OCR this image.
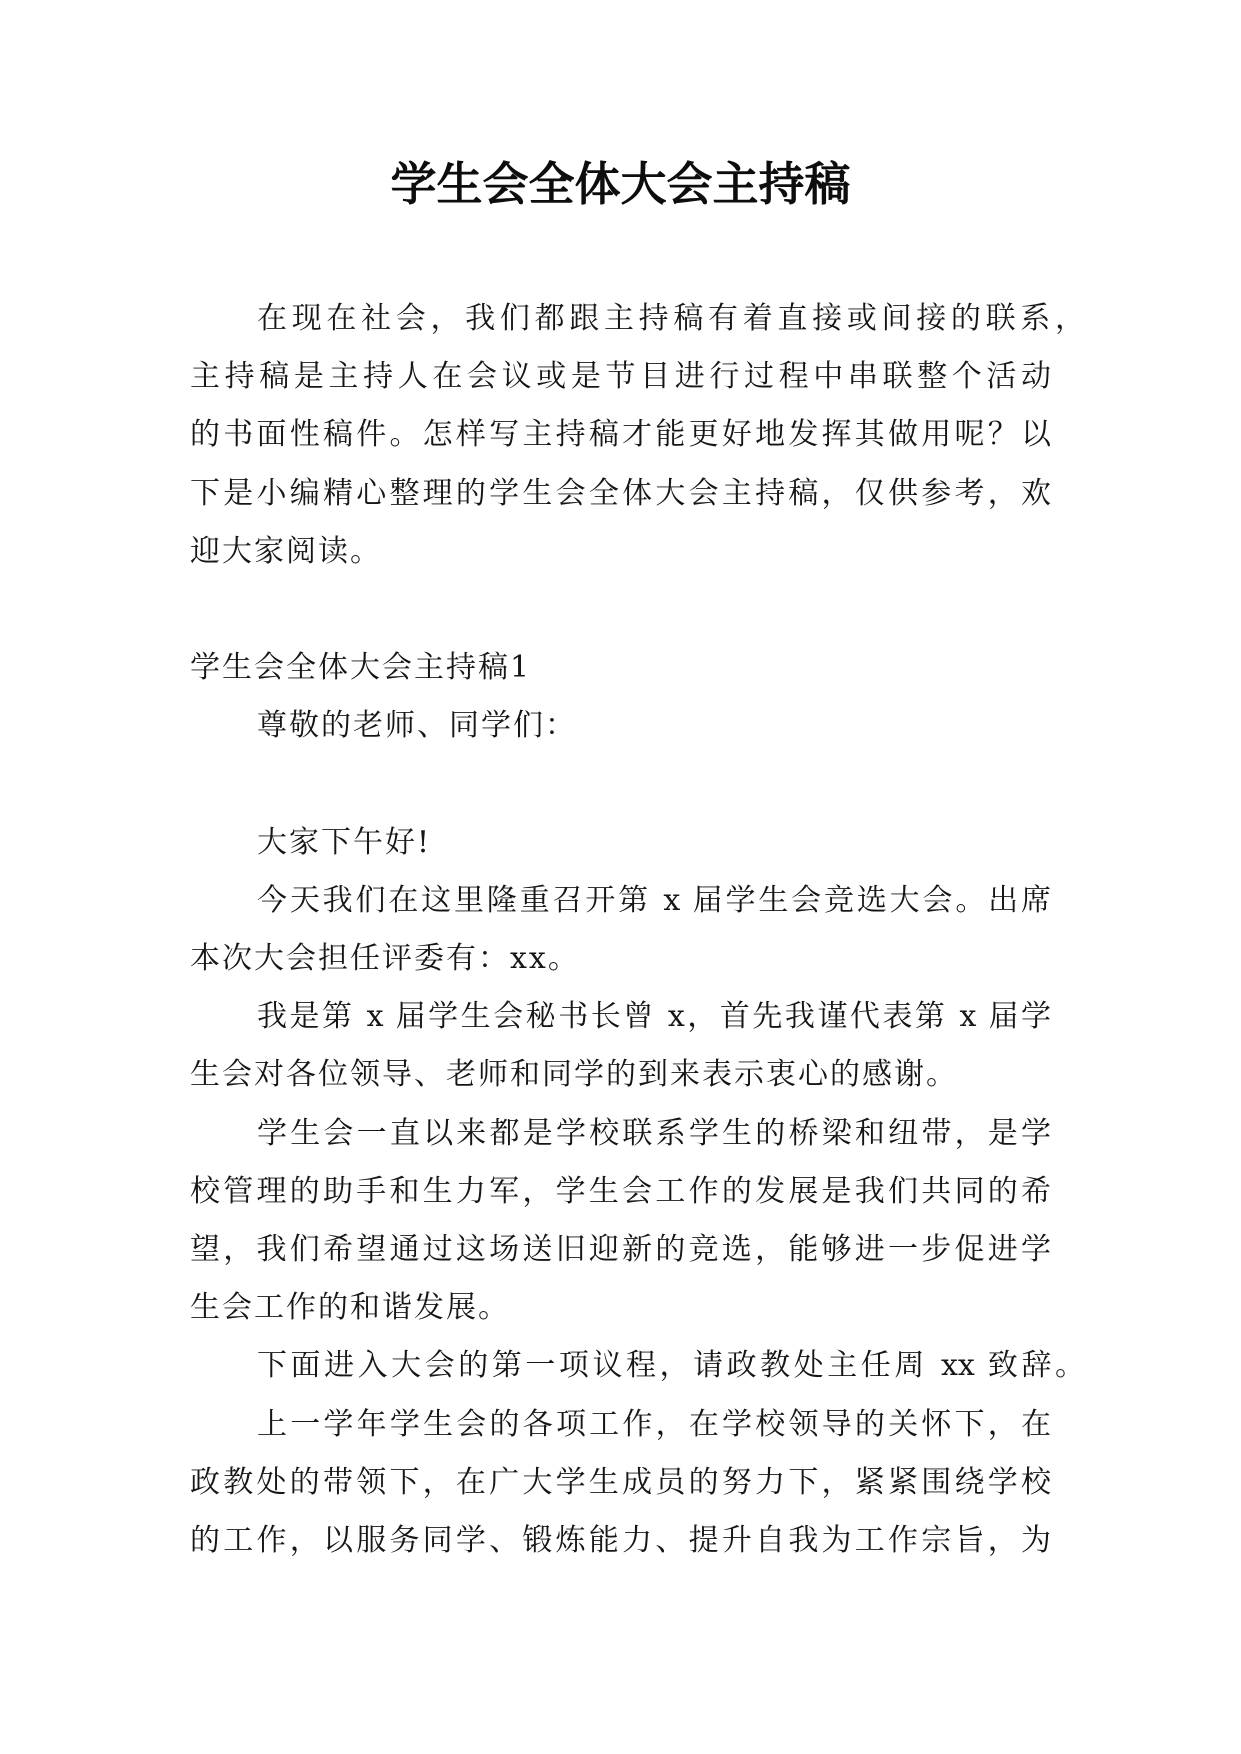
学生会全体大会主持稿
在现在社会，我们都跟主持稿有着直接或间接的联系，
主持稿是主持人在会议或是节目进行过程中串联整个活动
的书面性稿件。怎样写主持稿才能更好地发挥其做用呢？以
下是小编精心整理的学生会全体大会主持稿，仅供参考，欢
迎大家阅读。
学生会全体大会主持稿1
尊敬的老师、同学们：
大家下午好!
今天我们在这里隆重召开第 x 届学生会竞选大会。出席
本次大会担任评委有：xx。
我是第 x 届学生会秘书长曾 x，首先我谨代表第 x 届学
生会对各位领导、老师和同学的到来表示衷心的感谢。
学生会一直以来都是学校联系学生的桥梁和纽带，是学
校管理的助手和生力军，学生会工作的发展是我们共同的希
望，我们希望通过这场送旧迎新的竞选，能够进一步促进学
生会工作的和谐发展。
下面进入大会的第一项议程，请政教处主任周 xx 致辞。
上一学年学生会的各项工作，在学校领导的关怀下，在
政教处的带领下，在广大学生成员的努力下，紧紧围绕学校
的工作，以服务同学、锻炼能力、提升自我为工作宗旨，为
